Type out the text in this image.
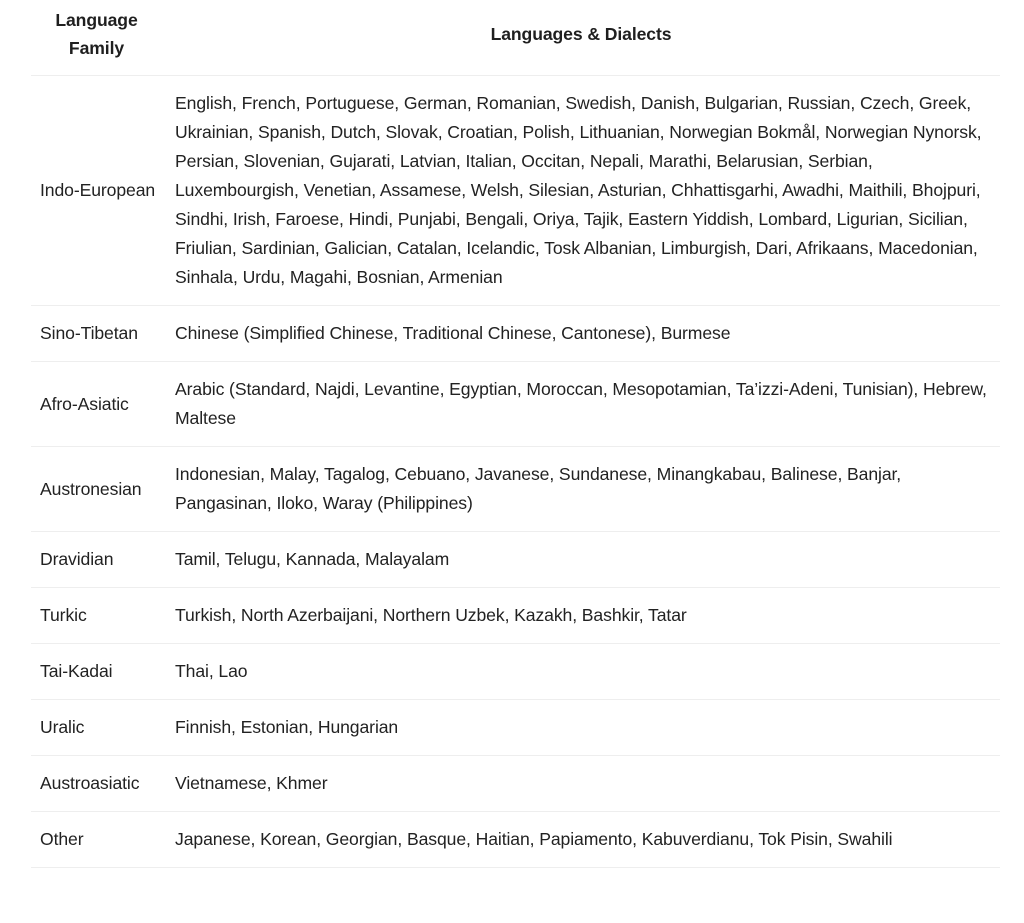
Language Family	Languages & Dialects
Indo-European	English, French, Portuguese, German, Romanian, Swedish, Danish, Bulgarian, Russian, Czech, Greek, Ukrainian, Spanish, Dutch, Slovak, Croatian, Polish, Lithuanian, Norwegian Bokmål, Norwegian Nynorsk, Persian, Slovenian, Gujarati, Latvian, Italian, Occitan, Nepali, Marathi, Belarusian, Serbian, Luxembourgish, Venetian, Assamese, Welsh, Silesian, Asturian, Chhattisgarhi, Awadhi, Maithili, Bhojpuri, Sindhi, Irish, Faroese, Hindi, Punjabi, Bengali, Oriya, Tajik, Eastern Yiddish, Lombard, Ligurian, Sicilian, Friulian, Sardinian, Galician, Catalan, Icelandic, Tosk Albanian, Limburgish, Dari, Afrikaans, Macedonian, Sinhala, Urdu, Magahi, Bosnian, Armenian
Sino-Tibetan	Chinese (Simplified Chinese, Traditional Chinese, Cantonese), Burmese
Afro-Asiatic	Arabic (Standard, Najdi, Levantine, Egyptian, Moroccan, Mesopotamian, Ta’izzi-Adeni, Tunisian), Hebrew, Maltese
Austronesian	Indonesian, Malay, Tagalog, Cebuano, Javanese, Sundanese, Minangkabau, Balinese, Banjar, Pangasinan, Iloko, Waray (Philippines)
Dravidian	Tamil, Telugu, Kannada, Malayalam
Turkic	Turkish, North Azerbaijani, Northern Uzbek, Kazakh, Bashkir, Tatar
Tai-Kadai	Thai, Lao
Uralic	Finnish, Estonian, Hungarian
Austroasiatic	Vietnamese, Khmer
Other	Japanese, Korean, Georgian, Basque, Haitian, Papiamento, Kabuverdianu, Tok Pisin, Swahili
